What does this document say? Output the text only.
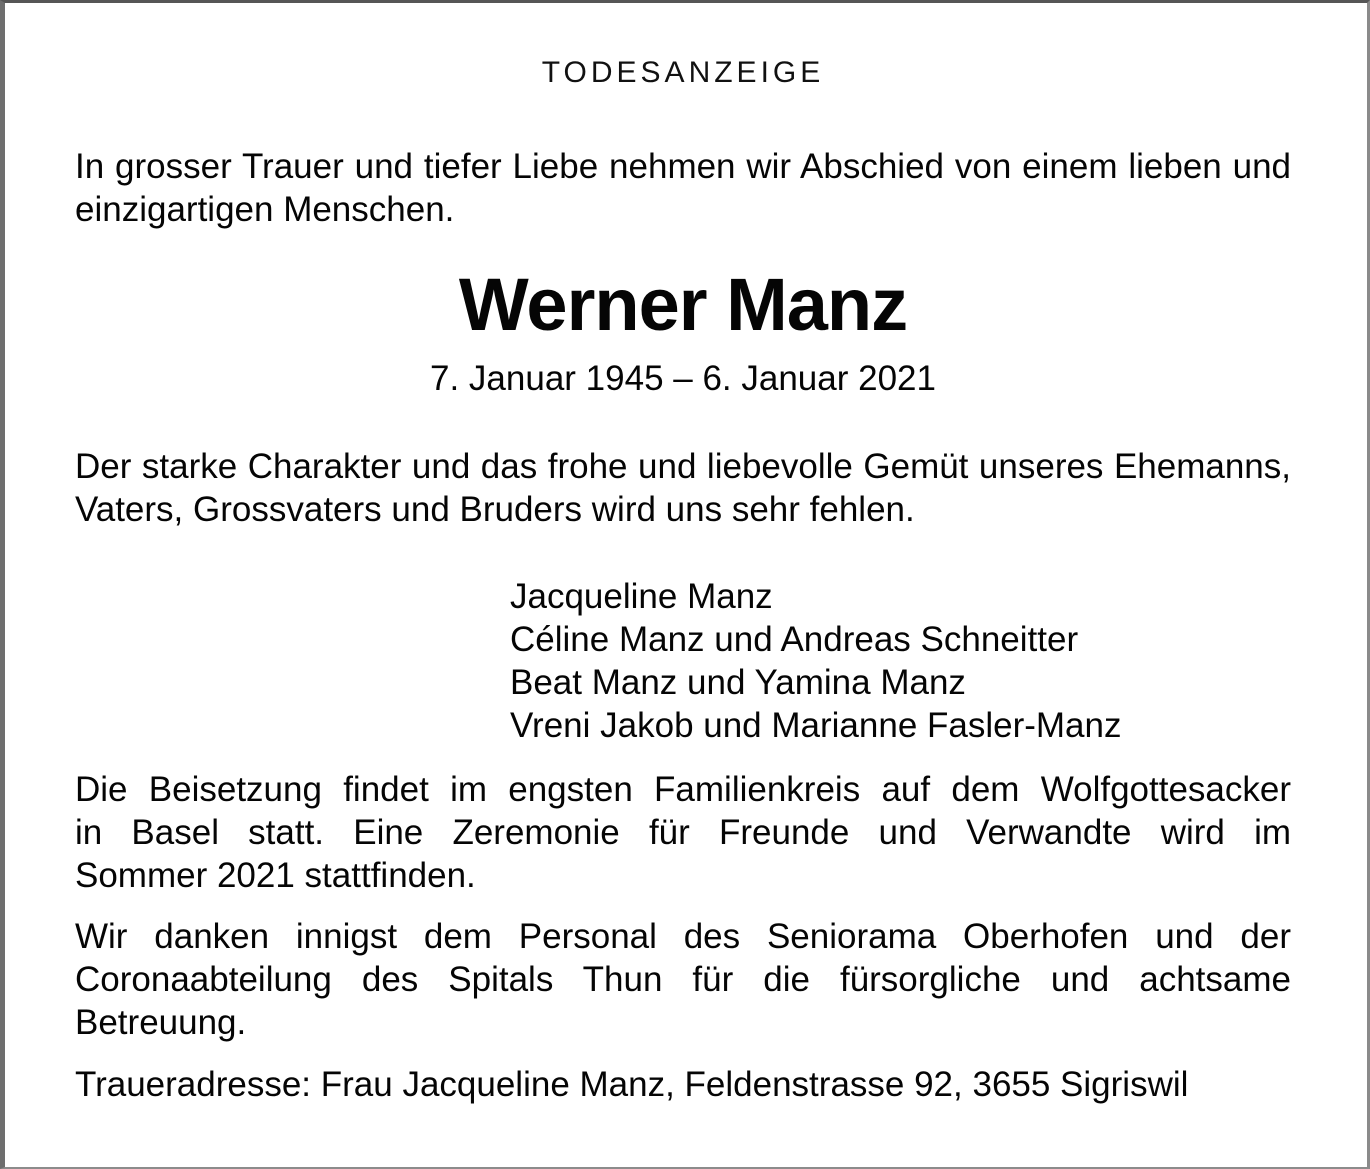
TODESANZEIGE
In grosser Trauer und tiefer Liebe nehmen wir Abschied von einem lieben und
einzigartigen Menschen.
Werner Manz
7. Januar 1945 – 6. Januar 2021
Der starke Charakter und das frohe und liebevolle Gemüt unseres Ehemanns,
Vaters, Grossvaters und Bruders wird uns sehr fehlen.
Jacqueline Manz
Céline Manz und Andreas Schneitter
Beat Manz und Yamina Manz
Vreni Jakob und Marianne Fasler-Manz
Die Beisetzung findet im engsten Familienkreis auf dem Wolfgottesacker
in Basel statt. Eine Zeremonie für Freunde und Verwandte wird im
Sommer 2021 stattfinden.
Wir danken innigst dem Personal des Seniorama Oberhofen und der
Coronaabteilung des Spitals Thun für die fürsorgliche und achtsame
Betreuung.
Traueradresse: Frau Jacqueline Manz, Feldenstrasse 92, 3655 Sigriswil
